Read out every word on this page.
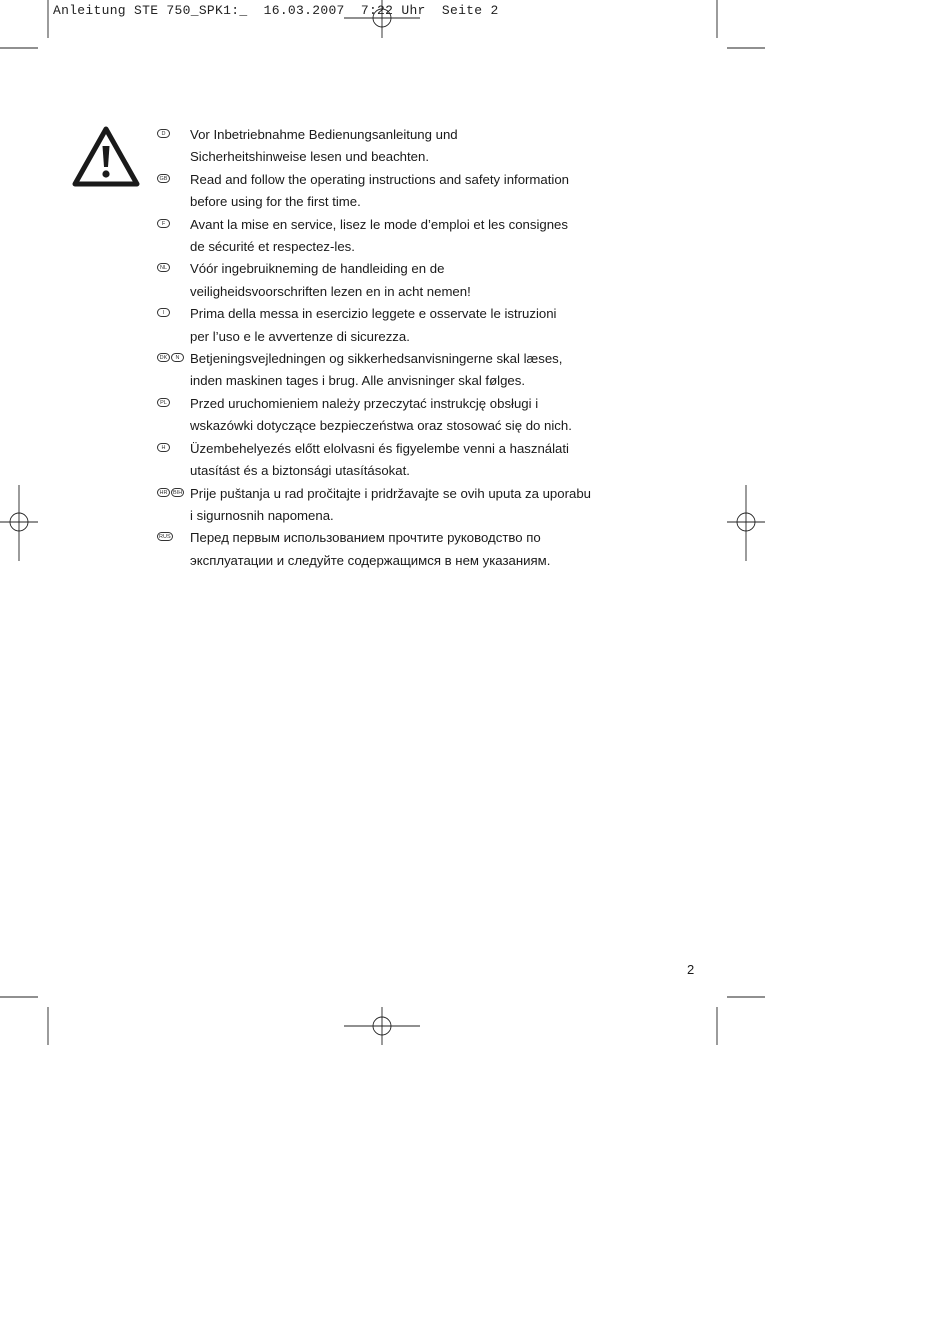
Anleitung STE 750_SPK1:_  16.03.2007  7:22 Uhr  Seite 2
D	Vor Inbetriebnahme Bedienungsanleitung und
Sicherheitshinweise lesen und beachten.
GB Read and follow the operating instructions and safety information
before using for the first time.
F	Avant la mise en service, lisez le mode d’emploi et les consignes
de sécurité et respectez-les.
NL Vóór ingebruikneming de handleiding en de
veiligheidsvoorschriften lezen en in acht nemen!
I	Prima della messa in esercizio leggete e osservate le istruzioni
per l’uso e le avvertenze di sicurezza.
DK	N Betjeningsvejledningen og sikkerhedsanvisningerne skal læses,
inden maskinen tages i brug. Alle anvisninger skal følges.
PL Przed uruchomieniem należy przeczytać instrukcję obsługi i
wskazówki dotyczące bezpieczeństwa oraz stosować się do nich.
H	Üzembehelyezés előtt elolvasni és figyelembe venni a használati
utasítást és a biztonsági utasításokat.
HR	BIH Prije puštanja u rad pročitajte i pridržavajte se ovih uputa za uporabu
i sigurnosnih napomena.
RUS Перед первым использованием прочтите руководство по
эксплуатации и следуйте содержащимся в нем указаниям.
2
